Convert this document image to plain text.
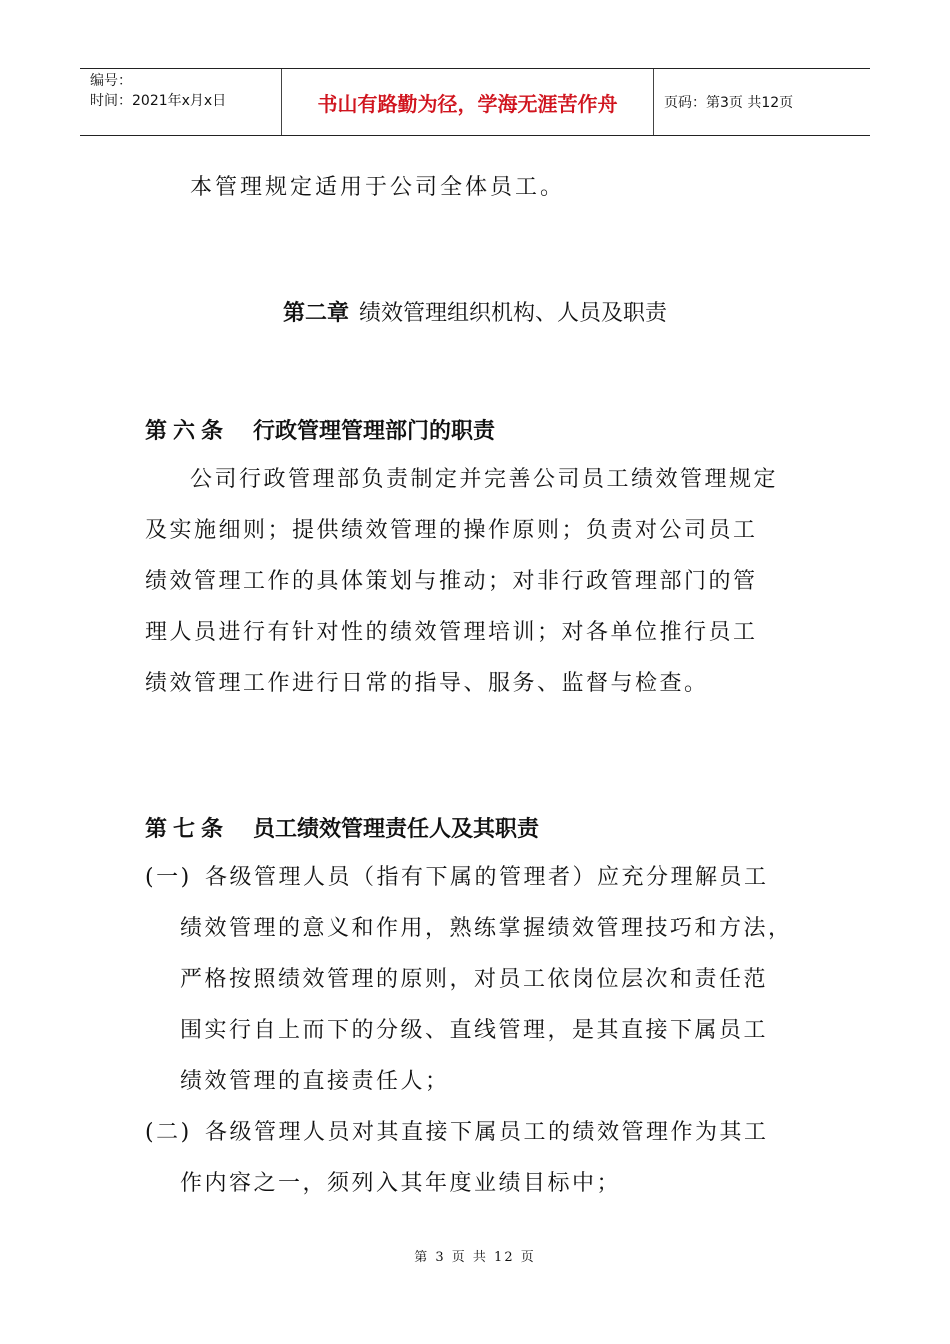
编号：
时间：2021年x月x日	书山有路勤为径，学海无涯苦作舟	页码：第3页 共12页

本管理规定适用于公司全体员工。

第二章 绩效管理组织机构、人员及职责
第六条 行政管理管理部门的职责
公司行政管理部负责制定并完善公司员工绩效管理规定
及实施细则；提供绩效管理的操作原则；负责对公司员工
绩效管理工作的具体策划与推动；对非行政管理部门的管
理人员进行有针对性的绩效管理培训；对各单位推行员工
绩效管理工作进行日常的指导、服务、监督与检查。
第七条 员工绩效管理责任人及其职责
(一) 各级管理人员（指有下属的管理者）应充分理解员工
绩效管理的意义和作用，熟练掌握绩效管理技巧和方法，
严格按照绩效管理的原则，对员工依岗位层次和责任范
围实行自上而下的分级、直线管理，是其直接下属员工
绩效管理的直接责任人；
(二) 各级管理人员对其直接下属员工的绩效管理作为其工
作内容之一，须列入其年度业绩目标中；
第 3 页 共 12 页
